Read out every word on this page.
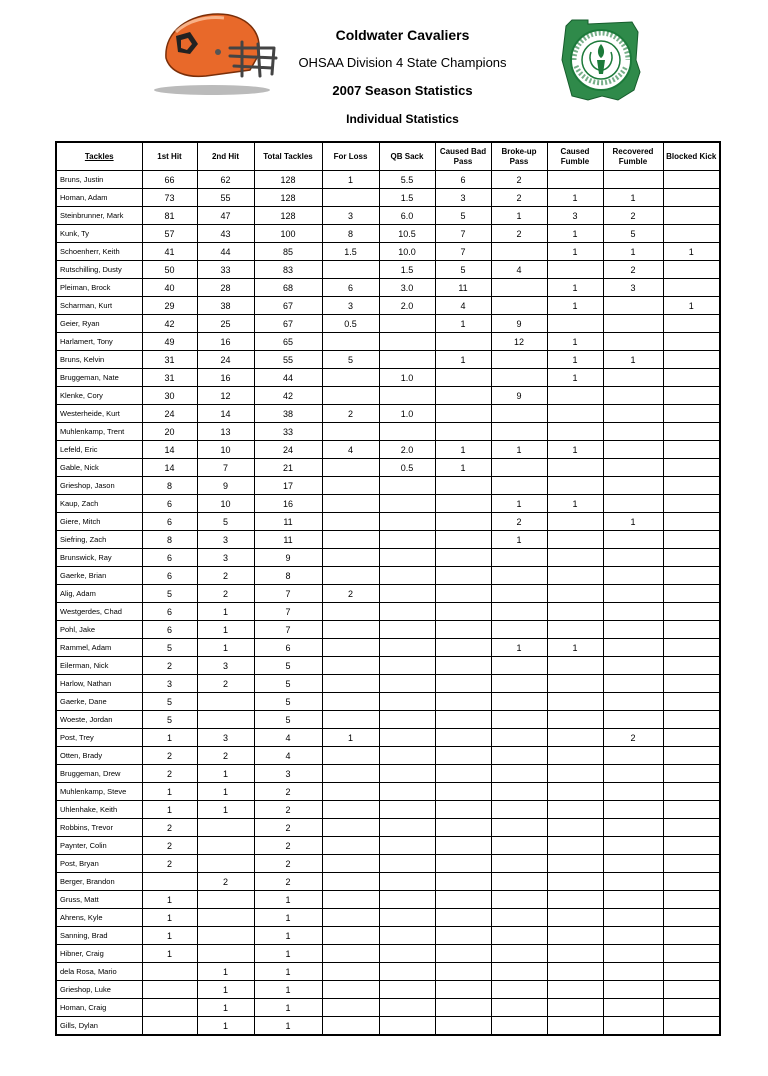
Coldwater Cavaliers
OHSAA Division 4 State Champions
2007 Season Statistics
Individual Statistics
Tackles	1st Hit	2nd Hit	Total Tackles	For Loss	QB Sack	Caused Bad Pass	Broke-up Pass	Caused Fumble	Recovered Fumble	Blocked Kick
Bruns, Justin	66	62	128	1	5.5	6	2			
Homan, Adam	73	55	128		1.5	3	2	1	1	
Steinbrunner, Mark	81	47	128	3	6.0	5	1	3	2	
Kunk, Ty	57	43	100	8	10.5	7	2	1	5	
Schoenherr, Keith	41	44	85	1.5	10.0	7		1	1	1
Rutschilling, Dusty	50	33	83		1.5	5	4		2	
Pleiman, Brock	40	28	68	6	3.0	11		1	3	
Scharman, Kurt	29	38	67	3	2.0	4		1		1
Geier, Ryan	42	25	67	0.5		1	9			
Harlamert, Tony	49	16	65				12	1		
Bruns, Kelvin	31	24	55	5		1		1	1	
Bruggeman, Nate	31	16	44		1.0			1		
Klenke, Cory	30	12	42				9			
Westerheide, Kurt	24	14	38	2	1.0					
Muhlenkamp, Trent	20	13	33							
Lefeld, Eric	14	10	24	4	2.0	1	1	1		
Gable, Nick	14	7	21		0.5	1				
Grieshop, Jason	8	9	17							
Kaup, Zach	6	10	16				1	1		
Giere, Mitch	6	5	11				2		1	
Siefring, Zach	8	3	11				1			
Brunswick, Ray	6	3	9							
Gaerke, Brian	6	2	8							
Alig, Adam	5	2	7	2						
Westgerdes, Chad	6	1	7							
Pohl, Jake	6	1	7							
Rammel, Adam	5	1	6				1	1		
Eilerman, Nick	2	3	5							
Harlow, Nathan	3	2	5							
Gaerke, Dane	5		5							
Woeste, Jordan	5		5							
Post, Trey	1	3	4	1					2	
Otten, Brady	2	2	4							
Bruggeman, Drew	2	1	3							
Muhlenkamp, Steve	1	1	2							
Uhlenhake, Keith	1	1	2							
Robbins, Trevor	2		2							
Paynter, Colin	2		2							
Post, Bryan	2		2							
Berger, Brandon		2	2							
Gruss, Matt	1		1							
Ahrens, Kyle	1		1							
Sanning, Brad	1		1							
Hibner, Craig	1		1							
dela Rosa, Mario		1	1							
Grieshop, Luke		1	1							
Homan, Craig		1	1							
Gills, Dylan		1	1							
